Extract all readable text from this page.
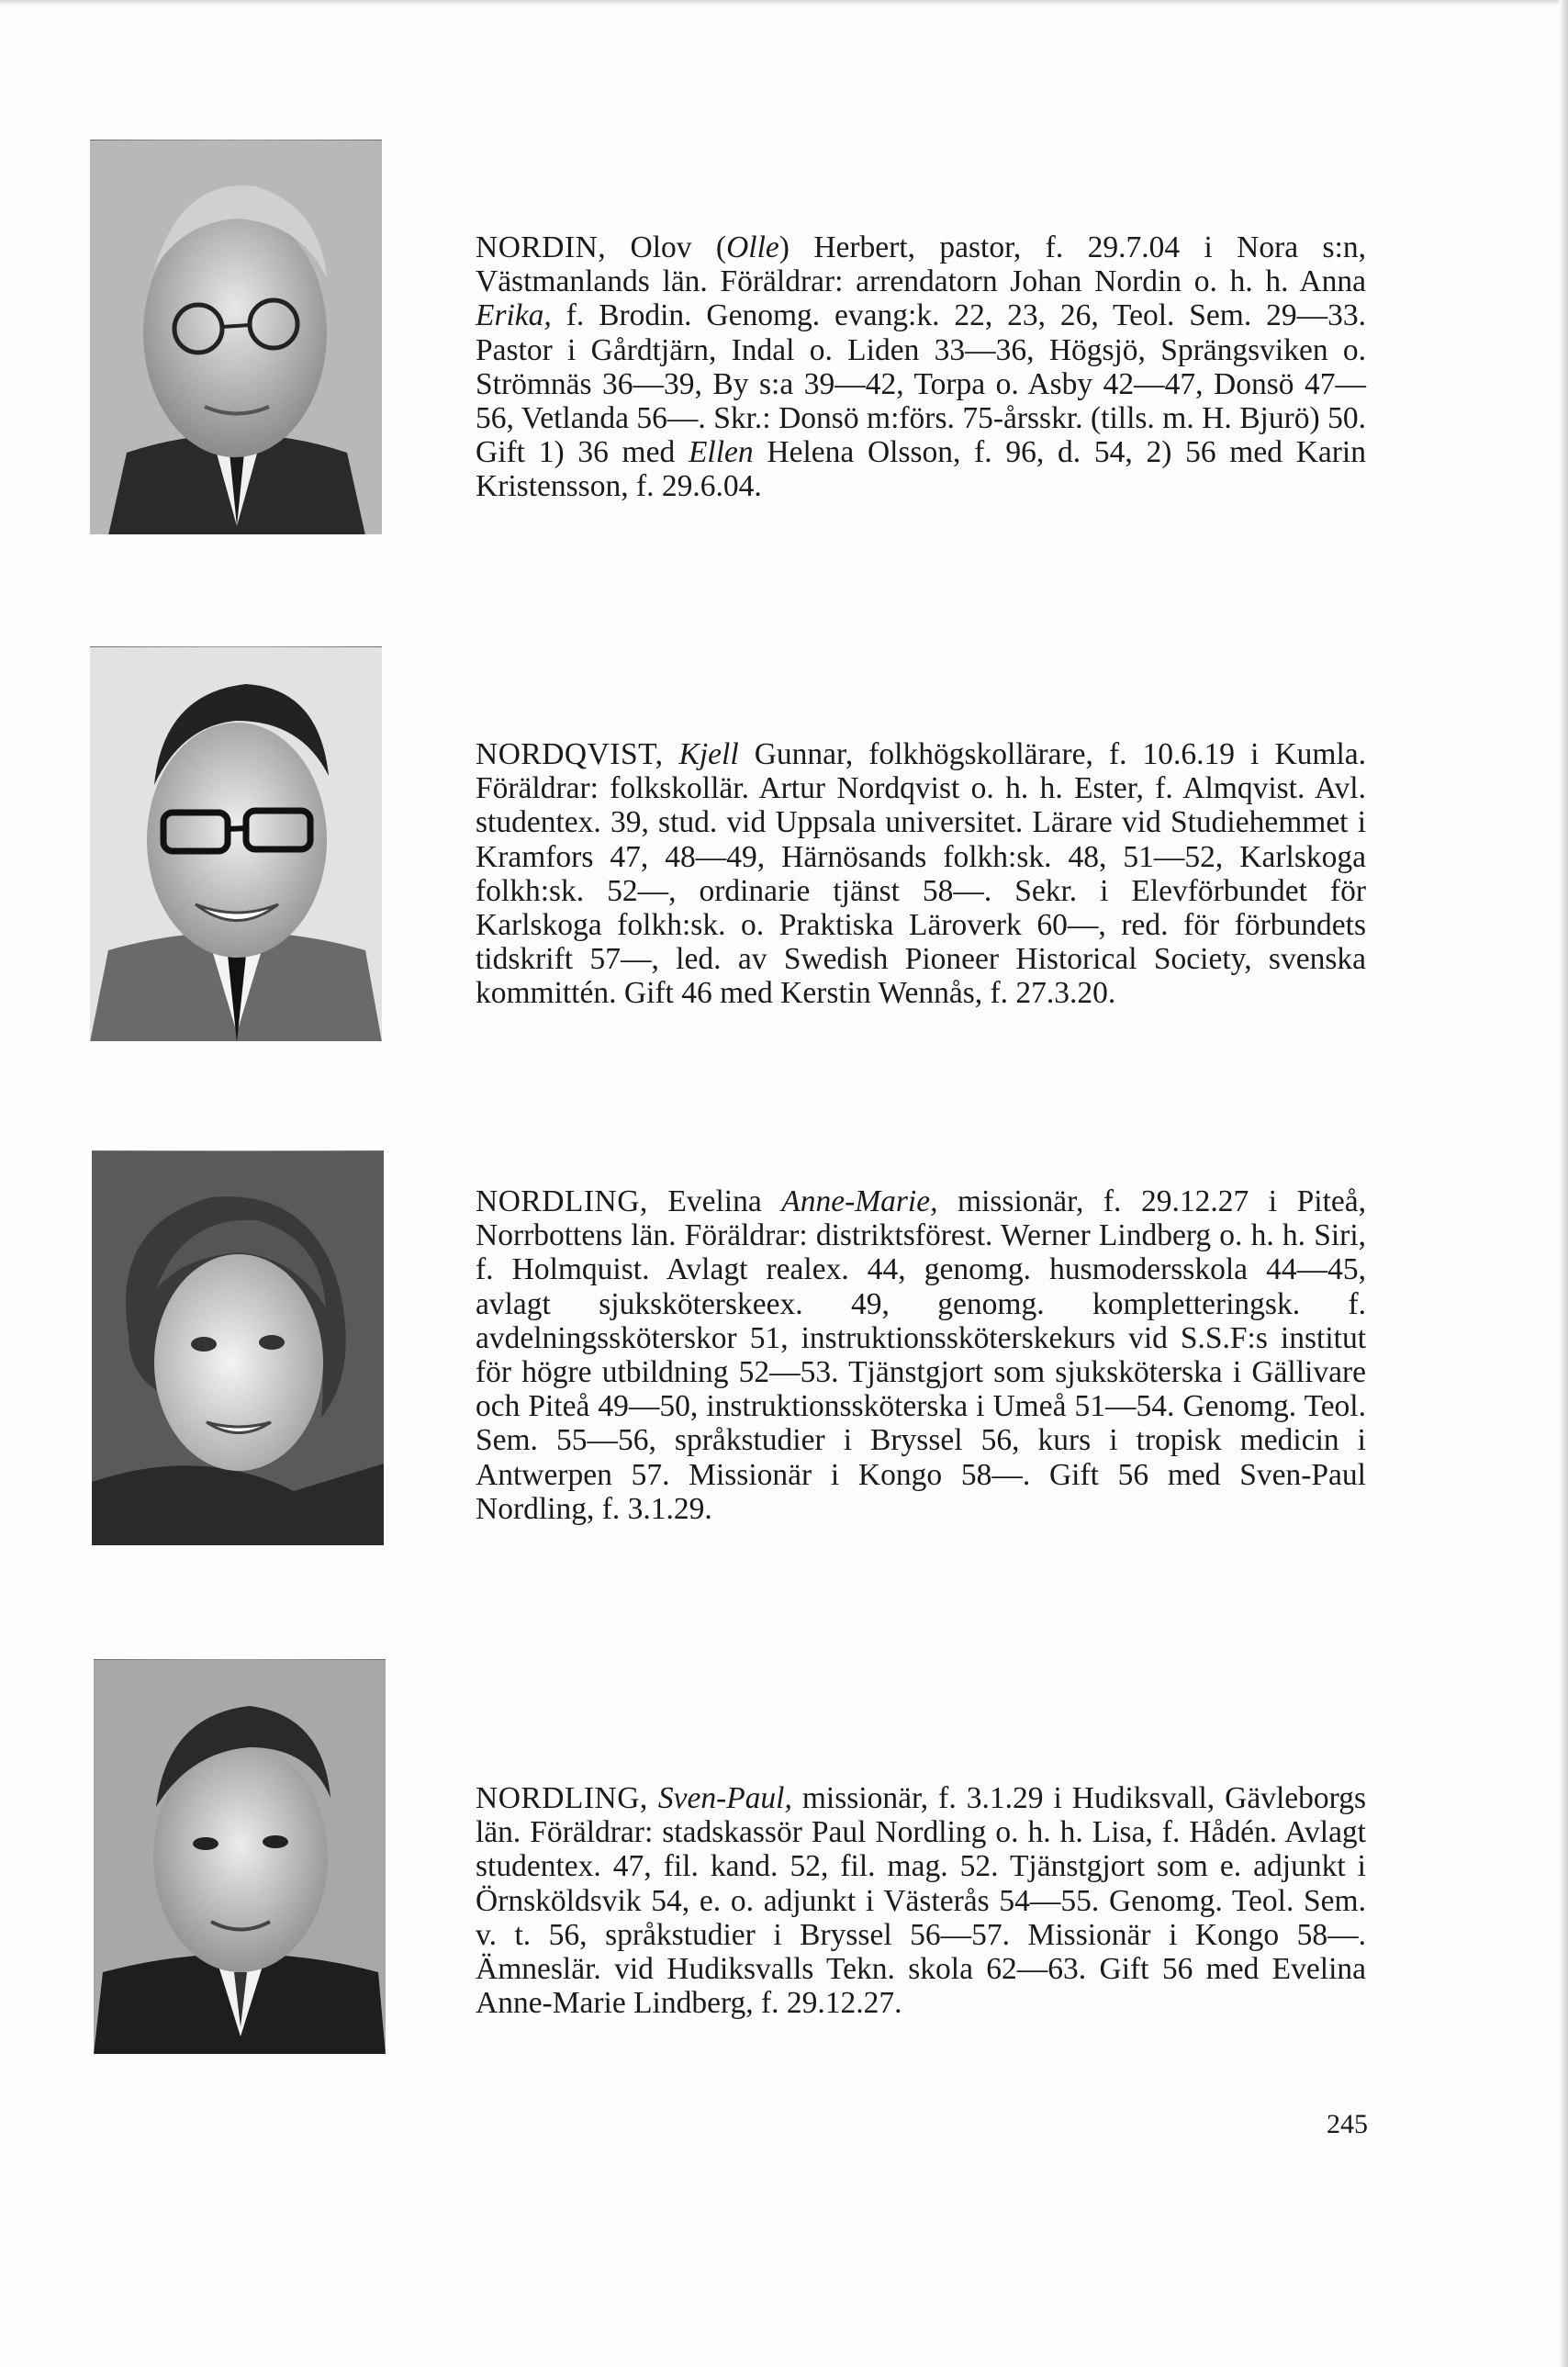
NORDIN, Olov (Olle) Herbert, pastor, f. 29.7.04 i Nora s:n, Västmanlands län. Föräldrar: arrendatorn Johan Nordin o. h. h. Anna Erika, f. Brodin. Genomg. evang:k. 22, 23, 26, Teol. Sem. 29—33. Pastor i Gårdtjärn, Indal o. Liden 33—36, Högsjö, Sprängsviken o. Strömnäs 36—39, By s:a 39—42, Torpa o. Asby 42—47, Donsö 47—56, Vetlanda 56—. Skr.: Donsö m:förs. 75-årsskr. (tills. m. H. Bjurö) 50. Gift 1) 36 med Ellen Helena Olsson, f. 96, d. 54, 2) 56 med Karin Kristensson, f. 29.6.04.

NORDQVIST, Kjell Gunnar, folkhögskollärare, f. 10.6.19 i Kumla. Föräldrar: folkskollär. Artur Nordqvist o. h. h. Ester, f. Almqvist. Avl. studentex. 39, stud. vid Uppsala universitet. Lärare vid Studiehemmet i Kramfors 47, 48—49, Härnösands folkh:sk. 48, 51—52, Karlskoga folkh:sk. 52—, ordinarie tjänst 58—. Sekr. i Elevförbundet för Karlskoga folkh:sk. o. Praktiska Läroverk 60—, red. för förbundets tidskrift 57—, led. av Swedish Pioneer Historical Society, svenska kommittén. Gift 46 med Kerstin Wennås, f. 27.3.20.

NORDLING, Evelina Anne-Marie, missionär, f. 29.12.27 i Piteå, Norrbottens län. Föräldrar: distriktsförest. Werner Lindberg o. h. h. Siri, f. Holmquist. Avlagt realex. 44, genomg. husmodersskola 44—45, avlagt sjuksköterskeex. 49, genomg. kompletteringsk. f. avdelningssköterskor 51, instruktionssköterskekurs vid S.S.F:s institut för högre utbildning 52—53. Tjänstgjort som sjuksköterska i Gällivare och Piteå 49—50, instruktionssköterska i Umeå 51—54. Genomg. Teol. Sem. 55—56, språkstudier i Bryssel 56, kurs i tropisk medicin i Antwerpen 57. Missionär i Kongo 58—. Gift 56 med Sven-Paul Nordling, f. 3.1.29.

NORDLING, Sven-Paul, missionär, f. 3.1.29 i Hudiksvall, Gävleborgs län. Föräldrar: stadskassör Paul Nordling o. h. h. Lisa, f. Hådén. Avlagt studentex. 47, fil. kand. 52, fil. mag. 52. Tjänstgjort som e. adjunkt i Örnsköldsvik 54, e. o. adjunkt i Västerås 54—55. Genomg. Teol. Sem. v. t. 56, språkstudier i Bryssel 56—57. Missionär i Kongo 58—. Ämneslär. vid Hudiksvalls Tekn. skola 62—63. Gift 56 med Evelina Anne-Marie Lindberg, f. 29.12.27.

245
